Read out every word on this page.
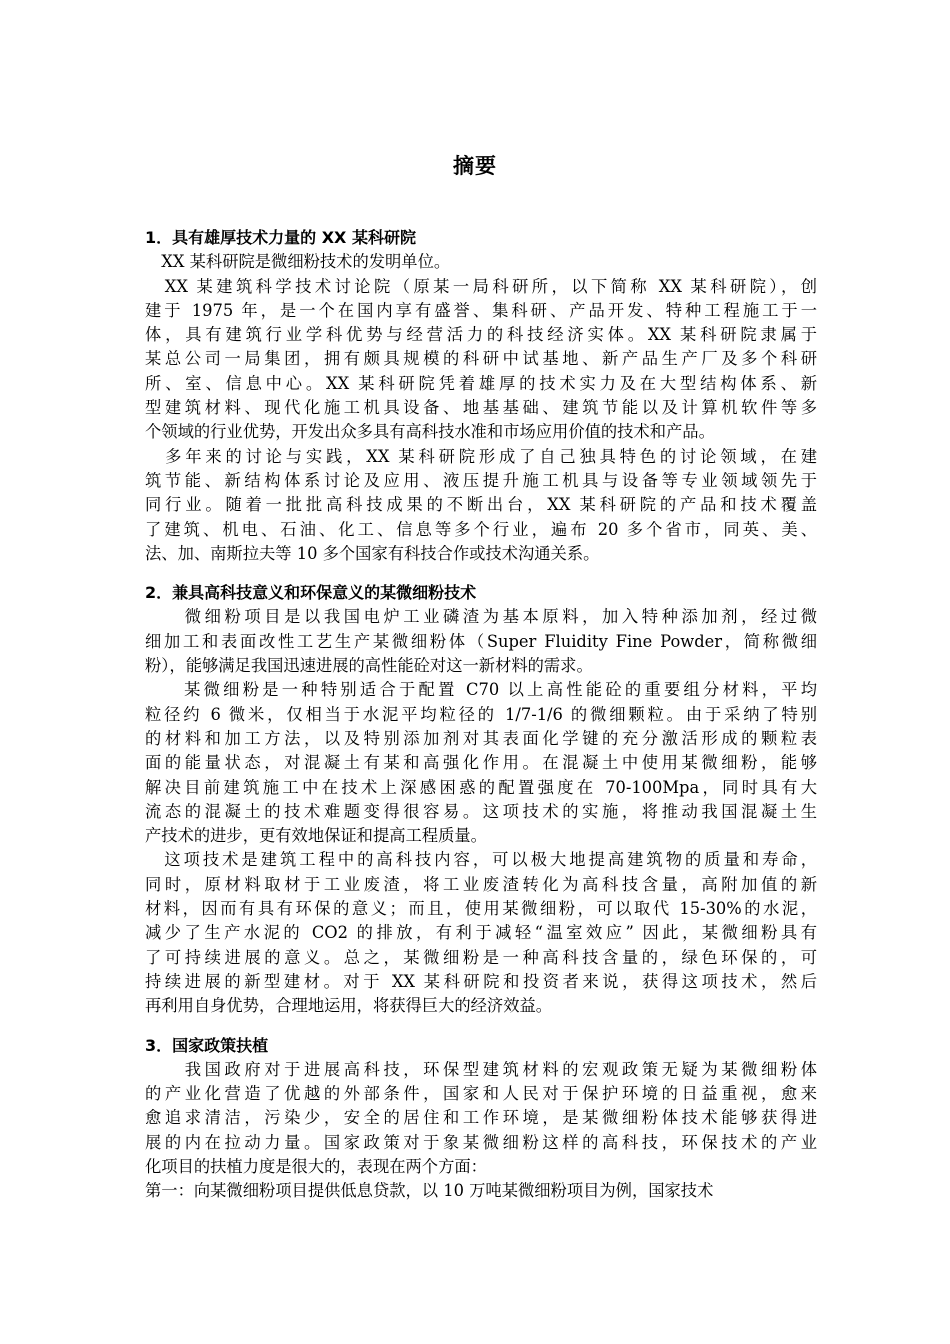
摘要
1．具有雄厚技术力量的 XX 某科研院
　XX 某科研院是微细粉技术的发明单位。
　XX 某建筑科学技术讨论院（原某一局科研所，以下简称 XX 某科研院），创
建于 1975 年，是一个在国内享有盛誉、集科研、产品开发、特种工程施工于一
体，具有建筑行业学科优势与经营活力的科技经济实体。XX 某科研院隶属于
某总公司一局集团，拥有颇具规模的科研中试基地、新产品生产厂及多个科研
所、室、信息中心。XX 某科研院凭着雄厚的技术实力及在大型结构体系、新
型建筑材料、现代化施工机具设备、地基基础、建筑节能以及计算机软件等多
个领域的行业优势，开发出众多具有高科技水准和市场应用价值的技术和产品。
　多年来的讨论与实践，XX 某科研院形成了自己独具特色的讨论领域，在建
筑节能、新结构体系讨论及应用、液压提升施工机具与设备等专业领域领先于
同行业。随着一批批高科技成果的不断出台，XX 某科研院的产品和技术覆盖
了建筑、机电、石油、化工、信息等多个行业，遍布 20 多个省市，同英、美、
法、加、南斯拉夫等 10 多个国家有科技合作或技术沟通关系。
2．兼具高科技意义和环保意义的某微细粉技术
　　微细粉项目是以我国电炉工业磷渣为基本原料，加入特种添加剂，经过微
细加工和表面改性工艺生产某微细粉体（Super Fluidity Fine Powder，简称微细
粉），能够满足我国迅速进展的高性能砼对这一新材料的需求。
　　某微细粉是一种特别适合于配置 C70 以上高性能砼的重要组分材料，平均
粒径约 6 微米，仅相当于水泥平均粒径的 1/7-1/6 的微细颗粒。由于采纳了特别
的材料和加工方法，以及特别添加剂对其表面化学键的充分激活形成的颗粒表
面的能量状态，对混凝土有某和高强化作用。在混凝土中使用某微细粉，能够
解决目前建筑施工中在技术上深感困惑的配置强度在 70-100Mpa，同时具有大
流态的混凝土的技术难题变得很容易。这项技术的实施，将推动我国混凝土生
产技术的进步，更有效地保证和提高工程质量。
　这项技术是建筑工程中的高科技内容，可以极大地提高建筑物的质量和寿命，
同时，原材料取材于工业废渣，将工业废渣转化为高科技含量，高附加值的新
材料，因而有具有环保的意义；而且，使用某微细粉，可以取代 15-30%的水泥，
减少了生产水泥的 CO2 的排放，有利于减轻“温室效应” 因此，某微细粉具有
了可持续进展的意义。总之，某微细粉是一种高科技含量的，绿色环保的，可
持续进展的新型建材。对于 XX 某科研院和投资者来说，获得这项技术，然后
再利用自身优势，合理地运用，将获得巨大的经济效益。
3．国家政策扶植
　　我国政府对于进展高科技，环保型建筑材料的宏观政策无疑为某微细粉体
的产业化营造了优越的外部条件，国家和人民对于保护环境的日益重视，愈来
愈追求清洁，污染少，安全的居住和工作环境，是某微细粉体技术能够获得进
展的内在拉动力量。国家政策对于象某微细粉这样的高科技，环保技术的产业
化项目的扶植力度是很大的，表现在两个方面：
第一：向某微细粉项目提供低息贷款，以 10 万吨某微细粉项目为例，国家技术
